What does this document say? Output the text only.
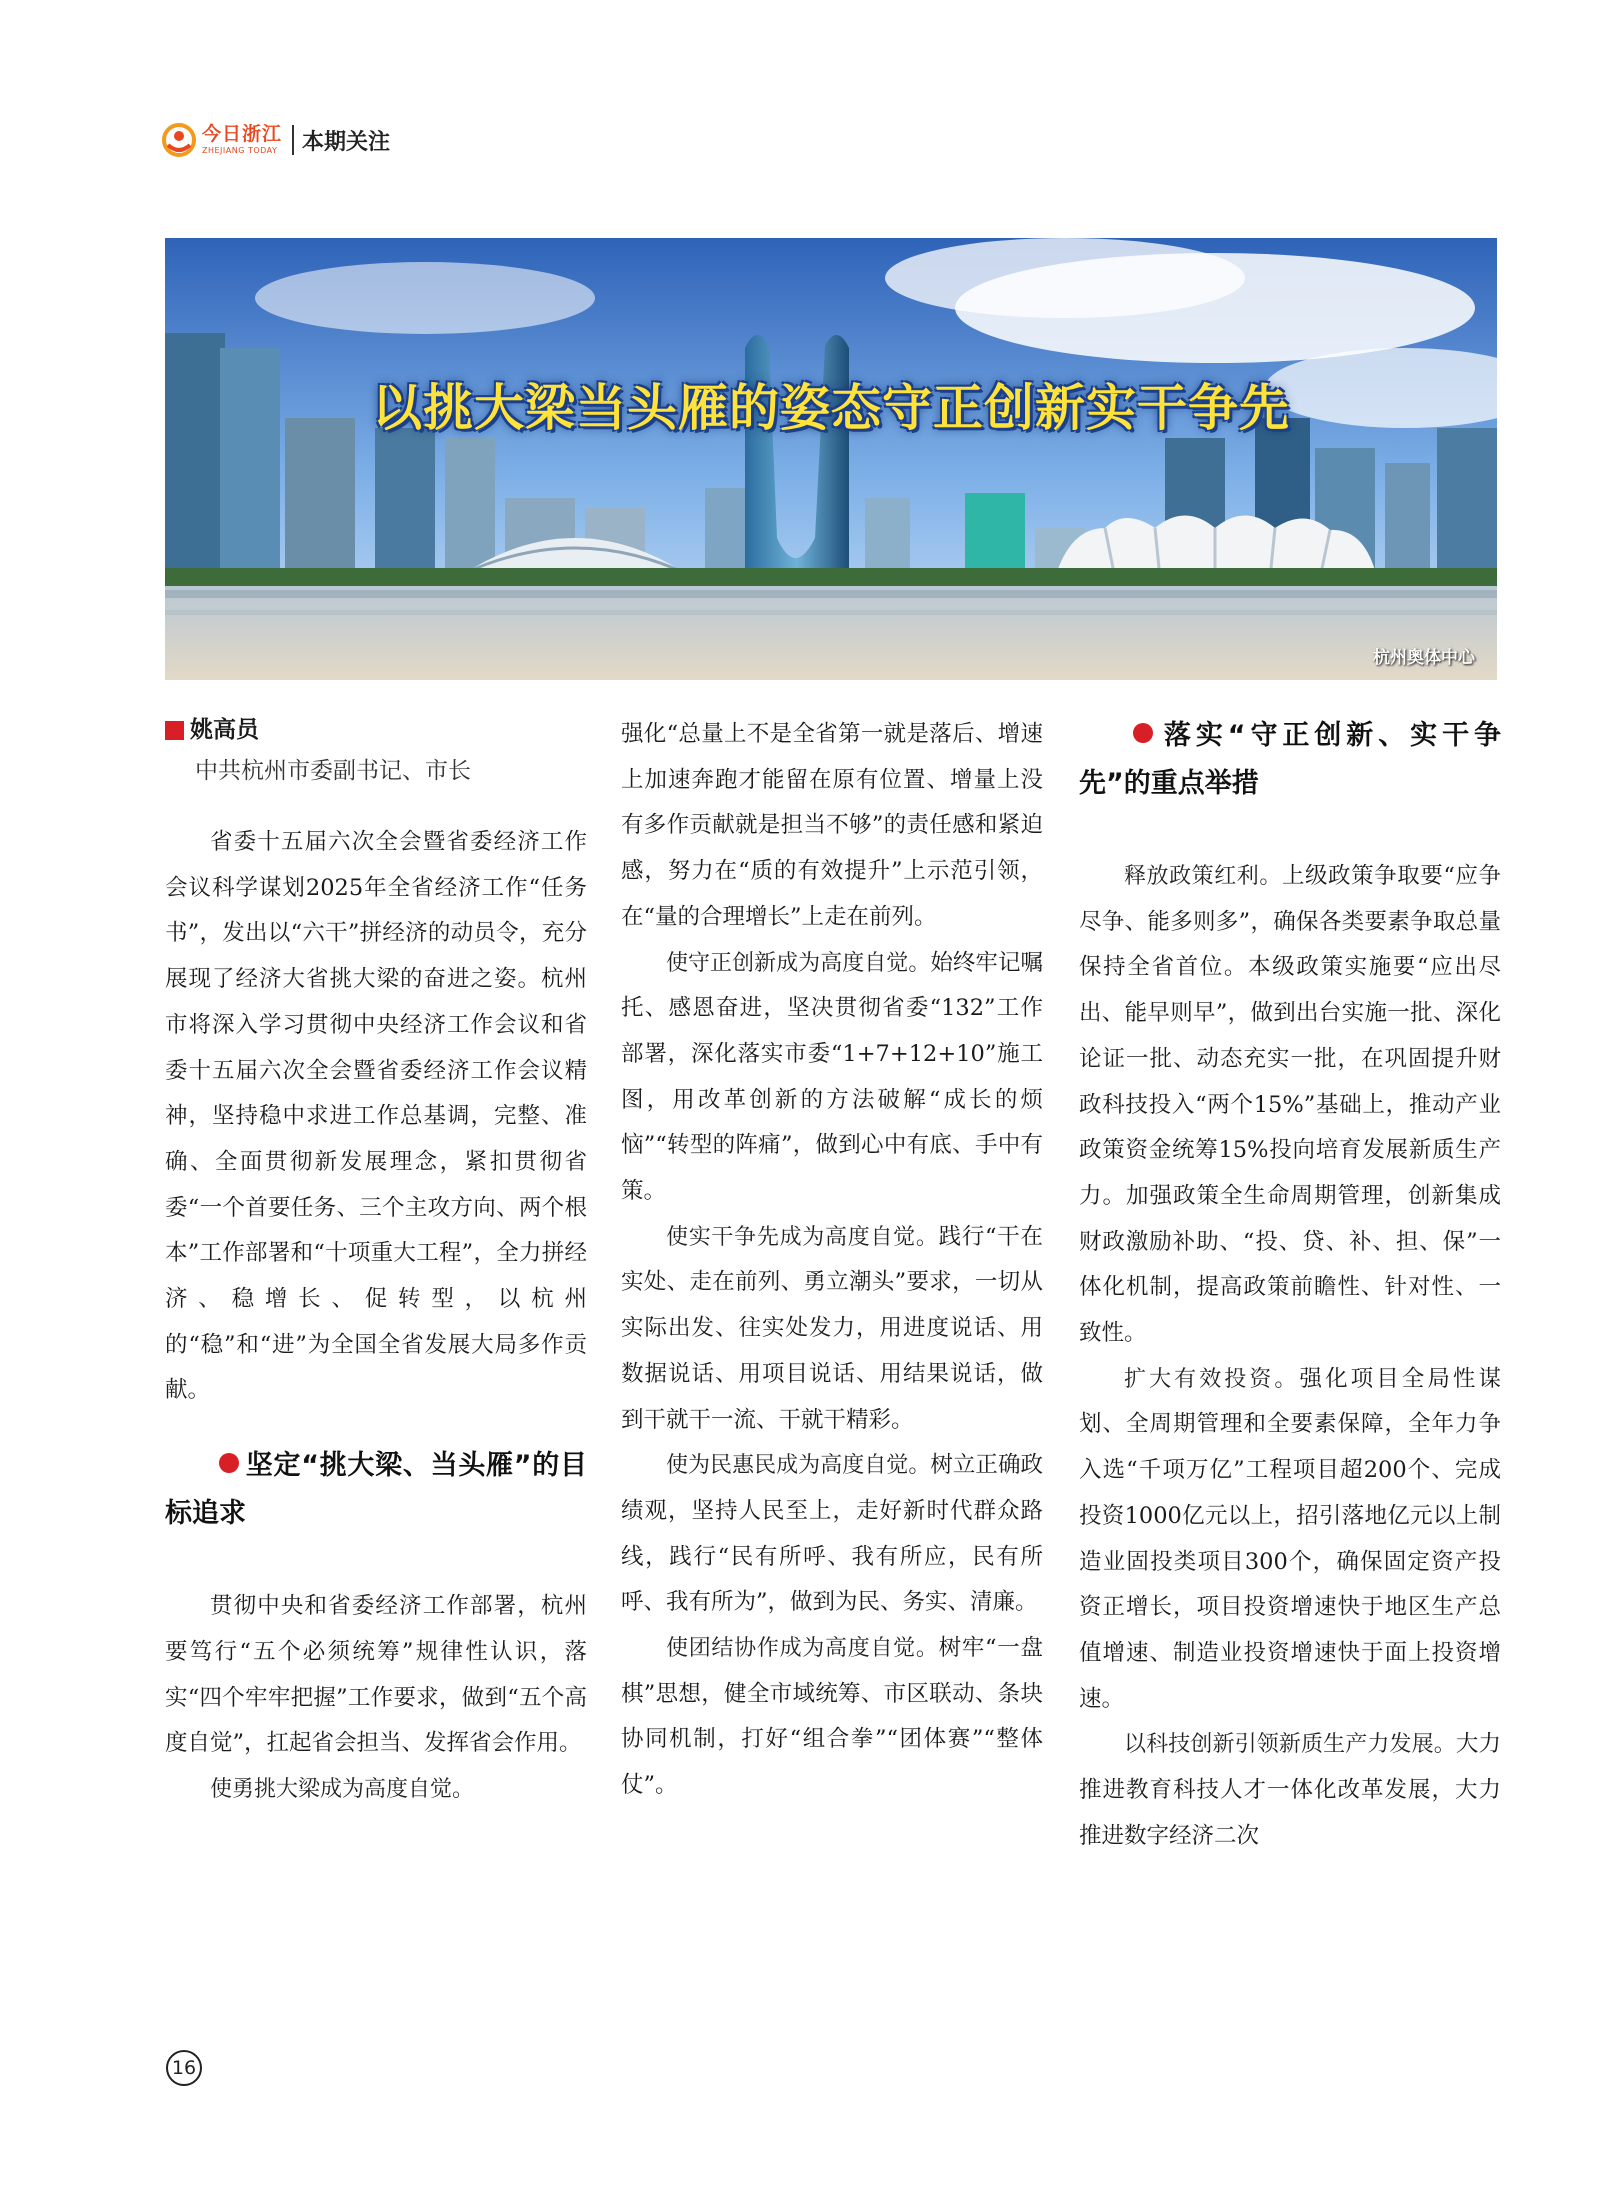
今日浙江
ZHEJIANG TODAY 本期关注
以挑大梁当头雁的姿态守正创新实干争先
杭州奥体中心
姚高员
中共杭州市委副书记、市长

省委十五届六次全会暨省委经济工作会议科学谋划2025年全省经济工作“任务书”，发出以“六干”拼经济的动员令，充分展现了经济大省挑大梁的奋进之姿。杭州市将深入学习贯彻中央经济工作会议和省委十五届六次全会暨省委经济工作会议精神，坚持稳中求进工作总基调，完整、准确、全面贯彻新发展理念，紧扣贯彻省委“一个首要任务、三个主攻方向、两个根本”工作部署和“十项重大工程”，全力拼经济、稳增长、促转型，以杭州的“稳”和“进”为全国全省发展大局多作贡献。

坚定“挑大梁、当头雁”的目标追求

贯彻中央和省委经济工作部署，杭州要笃行“五个必须统筹”规律性认识，落实“四个牢牢把握”工作要求，做到“五个高度自觉”，扛起省会担当、发挥省会作用。

使勇挑大梁成为高度自觉。

强化“总量上不是全省第一就是落后、增速上加速奔跑才能留在原有位置、增量上没有多作贡献就是担当不够”的责任感和紧迫感，努力在“质的有效提升”上示范引领，在“量的合理增长”上走在前列。

使守正创新成为高度自觉。始终牢记嘱托、感恩奋进，坚决贯彻省委“132”工作部署，深化落实市委“1+7+12+10”施工图，用改革创新的方法破解“成长的烦恼”“转型的阵痛”，做到心中有底、手中有策。

使实干争先成为高度自觉。践行“干在实处、走在前列、勇立潮头”要求，一切从实际出发、往实处发力，用进度说话、用数据说话、用项目说话、用结果说话，做到干就干一流、干就干精彩。

使为民惠民成为高度自觉。树立正确政绩观，坚持人民至上，走好新时代群众路线，践行“民有所呼、我有所应，民有所呼、我有所为”，做到为民、务实、清廉。

使团结协作成为高度自觉。树牢“一盘棋”思想，健全市域统筹、市区联动、条块协同机制，打好“组合拳”“团体赛”“整体仗”。

落实“守正创新、实干争先”的重点举措

释放政策红利。上级政策争取要“应争尽争、能多则多”，确保各类要素争取总量保持全省首位。本级政策实施要“应出尽出、能早则早”，做到出台实施一批、深化论证一批、动态充实一批，在巩固提升财政科技投入“两个15%”基础上，推动产业政策资金统筹15%投向培育发展新质生产力。加强政策全生命周期管理，创新集成财政激励补助、“投、贷、补、担、保”一体化机制，提高政策前瞻性、针对性、一致性。

扩大有效投资。强化项目全局性谋划、全周期管理和全要素保障，全年力争入选“千项万亿”工程项目超200个、完成投资1000亿元以上，招引落地亿元以上制造业固投类项目300个，确保固定资产投资正增长，项目投资增速快于地区生产总值增速、制造业投资增速快于面上投资增速。

以科技创新引领新质生产力发展。大力推进教育科技人才一体化改革发展，大力推进数字经济二次

16
